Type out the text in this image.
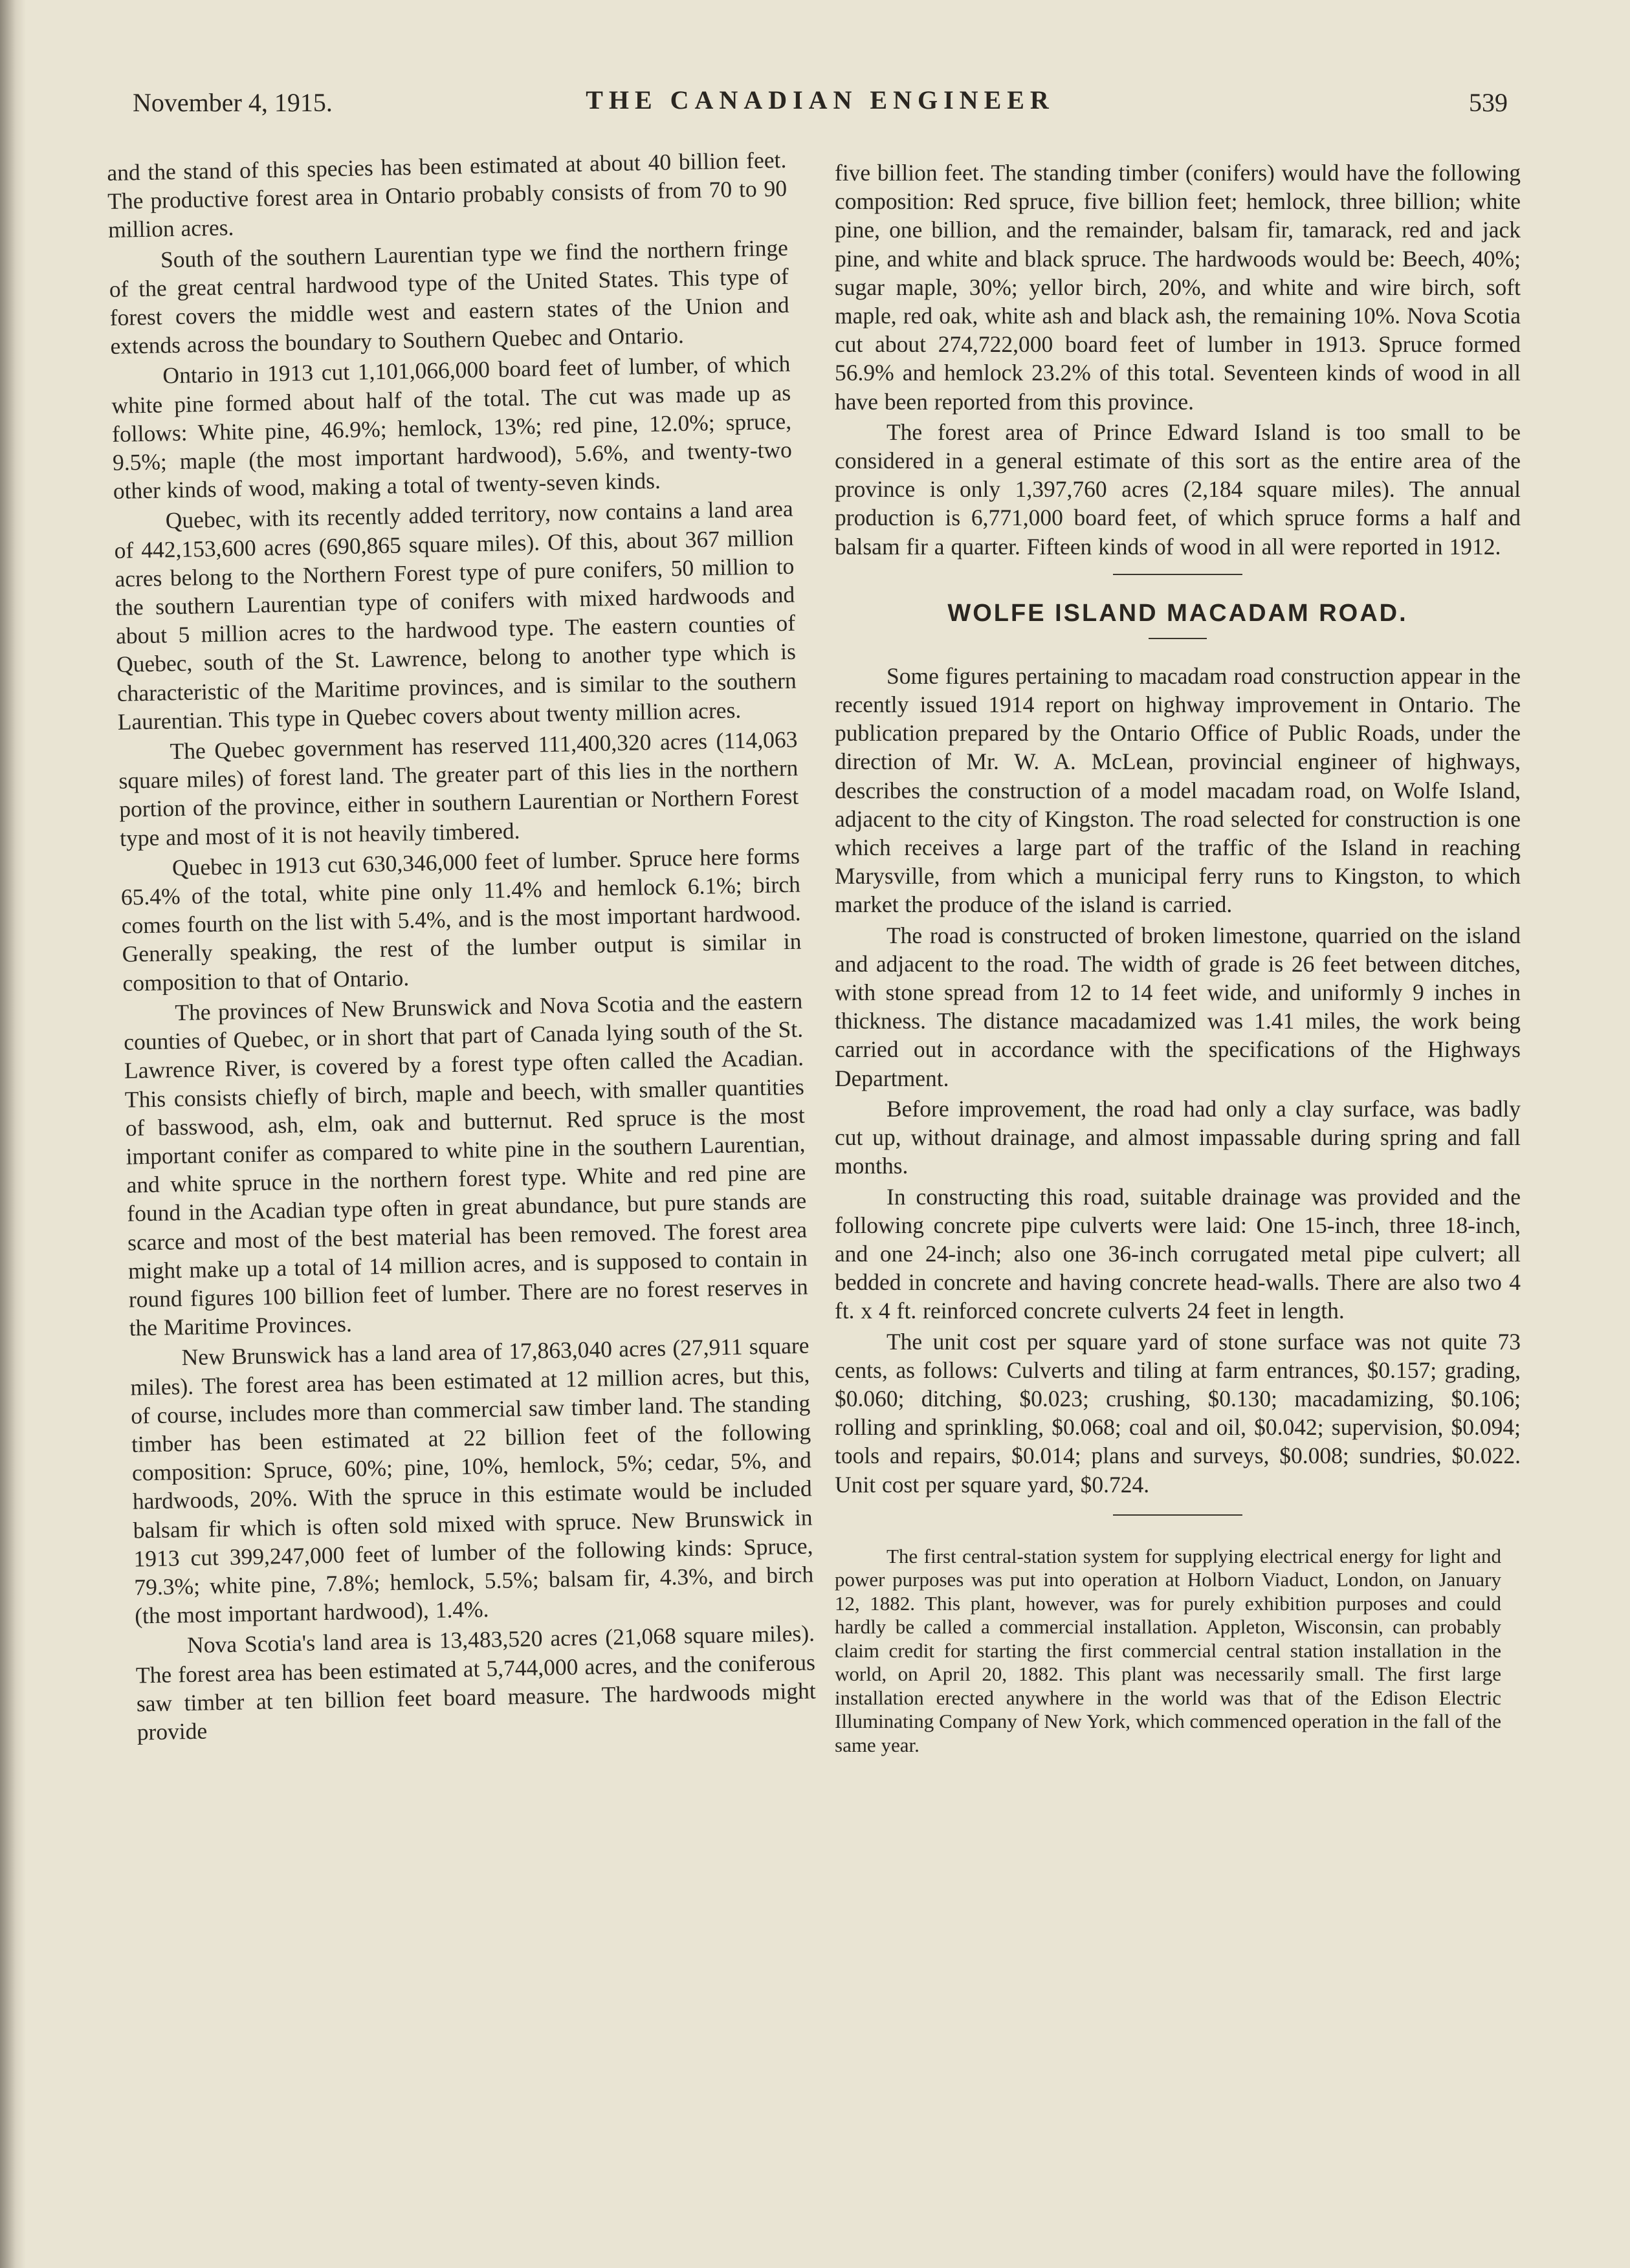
November 4, 1915.	THE CANADIAN ENGINEER	539

and the stand of this species has been estimated at about 40 billion feet. The productive forest area in Ontario probably consists of from 70 to 90 million acres.

South of the southern Laurentian type we find the northern fringe of the great central hardwood type of the United States. This type of forest covers the middle west and eastern states of the Union and extends across the boundary to Southern Quebec and Ontario.

Ontario in 1913 cut 1,101,066,000 board feet of lumber, of which white pine formed about half of the total. The cut was made up as follows: White pine, 46.9%; hemlock, 13%; red pine, 12.0%; spruce, 9.5%; maple (the most important hardwood), 5.6%, and twenty-two other kinds of wood, making a total of twenty-seven kinds.

Quebec, with its recently added territory, now contains a land area of 442,153,600 acres (690,865 square miles). Of this, about 367 million acres belong to the Northern Forest type of pure conifers, 50 million to the southern Laurentian type of conifers with mixed hardwoods and about 5 million acres to the hardwood type. The eastern counties of Quebec, south of the St. Lawrence, belong to another type which is characteristic of the Maritime provinces, and is similar to the southern Laurentian. This type in Quebec covers about twenty million acres.

The Quebec government has reserved 111,400,320 acres (114,063 square miles) of forest land. The greater part of this lies in the northern portion of the province, either in southern Laurentian or Northern Forest type and most of it is not heavily timbered.

Quebec in 1913 cut 630,346,000 feet of lumber. Spruce here forms 65.4% of the total, white pine only 11.4% and hemlock 6.1%; birch comes fourth on the list with 5.4%, and is the most important hardwood. Generally speaking, the rest of the lumber output is similar in composition to that of Ontario.

The provinces of New Brunswick and Nova Scotia and the eastern counties of Quebec, or in short that part of Canada lying south of the St. Lawrence River, is covered by a forest type often called the Acadian. This consists chiefly of birch, maple and beech, with smaller quantities of basswood, ash, elm, oak and butternut. Red spruce is the most important conifer as compared to white pine in the southern Laurentian, and white spruce in the northern forest type. White and red pine are found in the Acadian type often in great abundance, but pure stands are scarce and most of the best material has been removed. The forest area might make up a total of 14 million acres, and is supposed to contain in round figures 100 billion feet of lumber. There are no forest reserves in the Maritime Provinces.

New Brunswick has a land area of 17,863,040 acres (27,911 square miles). The forest area has been estimated at 12 million acres, but this, of course, includes more than commercial saw timber land. The standing timber has been estimated at 22 billion feet of the following composition: Spruce, 60%; pine, 10%, hemlock, 5%; cedar, 5%, and hardwoods, 20%. With the spruce in this estimate would be included balsam fir which is often sold mixed with spruce. New Brunswick in 1913 cut 399,247,000 feet of lumber of the following kinds: Spruce, 79.3%; white pine, 7.8%; hemlock, 5.5%; balsam fir, 4.3%, and birch (the most important hardwood), 1.4%.

Nova Scotia's land area is 13,483,520 acres (21,068 square miles). The forest area has been estimated at 5,744,000 acres, and the coniferous saw timber at ten billion feet board measure. The hardwoods might provide

five billion feet. The standing timber (conifers) would have the following composition: Red spruce, five billion feet; hemlock, three billion; white pine, one billion, and the remainder, balsam fir, tamarack, red and jack pine, and white and black spruce. The hardwoods would be: Beech, 40%; sugar maple, 30%; yellor birch, 20%, and white and wire birch, soft maple, red oak, white ash and black ash, the remaining 10%. Nova Scotia cut about 274,722,000 board feet of lumber in 1913. Spruce formed 56.9% and hemlock 23.2% of this total. Seventeen kinds of wood in all have been reported from this province.

The forest area of Prince Edward Island is too small to be considered in a general estimate of this sort as the entire area of the province is only 1,397,760 acres (2,184 square miles). The annual production is 6,771,000 board feet, of which spruce forms a half and balsam fir a quarter. Fifteen kinds of wood in all were reported in 1912.

WOLFE ISLAND MACADAM ROAD.

Some figures pertaining to macadam road construction appear in the recently issued 1914 report on highway improvement in Ontario. The publication prepared by the Ontario Office of Public Roads, under the direction of Mr. W. A. McLean, provincial engineer of highways, describes the construction of a model macadam road, on Wolfe Island, adjacent to the city of Kingston. The road selected for construction is one which receives a large part of the traffic of the Island in reaching Marysville, from which a municipal ferry runs to Kingston, to which market the produce of the island is carried.

The road is constructed of broken limestone, quarried on the island and adjacent to the road. The width of grade is 26 feet between ditches, with stone spread from 12 to 14 feet wide, and uniformly 9 inches in thickness. The distance macadamized was 1.41 miles, the work being carried out in accordance with the specifications of the Highways Department.

Before improvement, the road had only a clay surface, was badly cut up, without drainage, and almost impassable during spring and fall months.

In constructing this road, suitable drainage was provided and the following concrete pipe culverts were laid: One 15-inch, three 18-inch, and one 24-inch; also one 36-inch corrugated metal pipe culvert; all bedded in concrete and having concrete head-walls. There are also two 4 ft. x 4 ft. reinforced concrete culverts 24 feet in length.

The unit cost per square yard of stone surface was not quite 73 cents, as follows: Culverts and tiling at farm entrances, $0.157; grading, $0.060; ditching, $0.023; crushing, $0.130; macadamizing, $0.106; rolling and sprinkling, $0.068; coal and oil, $0.042; supervision, $0.094; tools and repairs, $0.014; plans and surveys, $0.008; sundries, $0.022. Unit cost per square yard, $0.724.

The first central-station system for supplying electrical energy for light and power purposes was put into operation at Holborn Viaduct, London, on January 12, 1882. This plant, however, was for purely exhibition purposes and could hardly be called a commercial installation. Appleton, Wisconsin, can probably claim credit for starting the first commercial central station installation in the world, on April 20, 1882. This plant was necessarily small. The first large installation erected anywhere in the world was that of the Edison Electric Illuminating Company of New York, which commenced operation in the fall of the same year.
